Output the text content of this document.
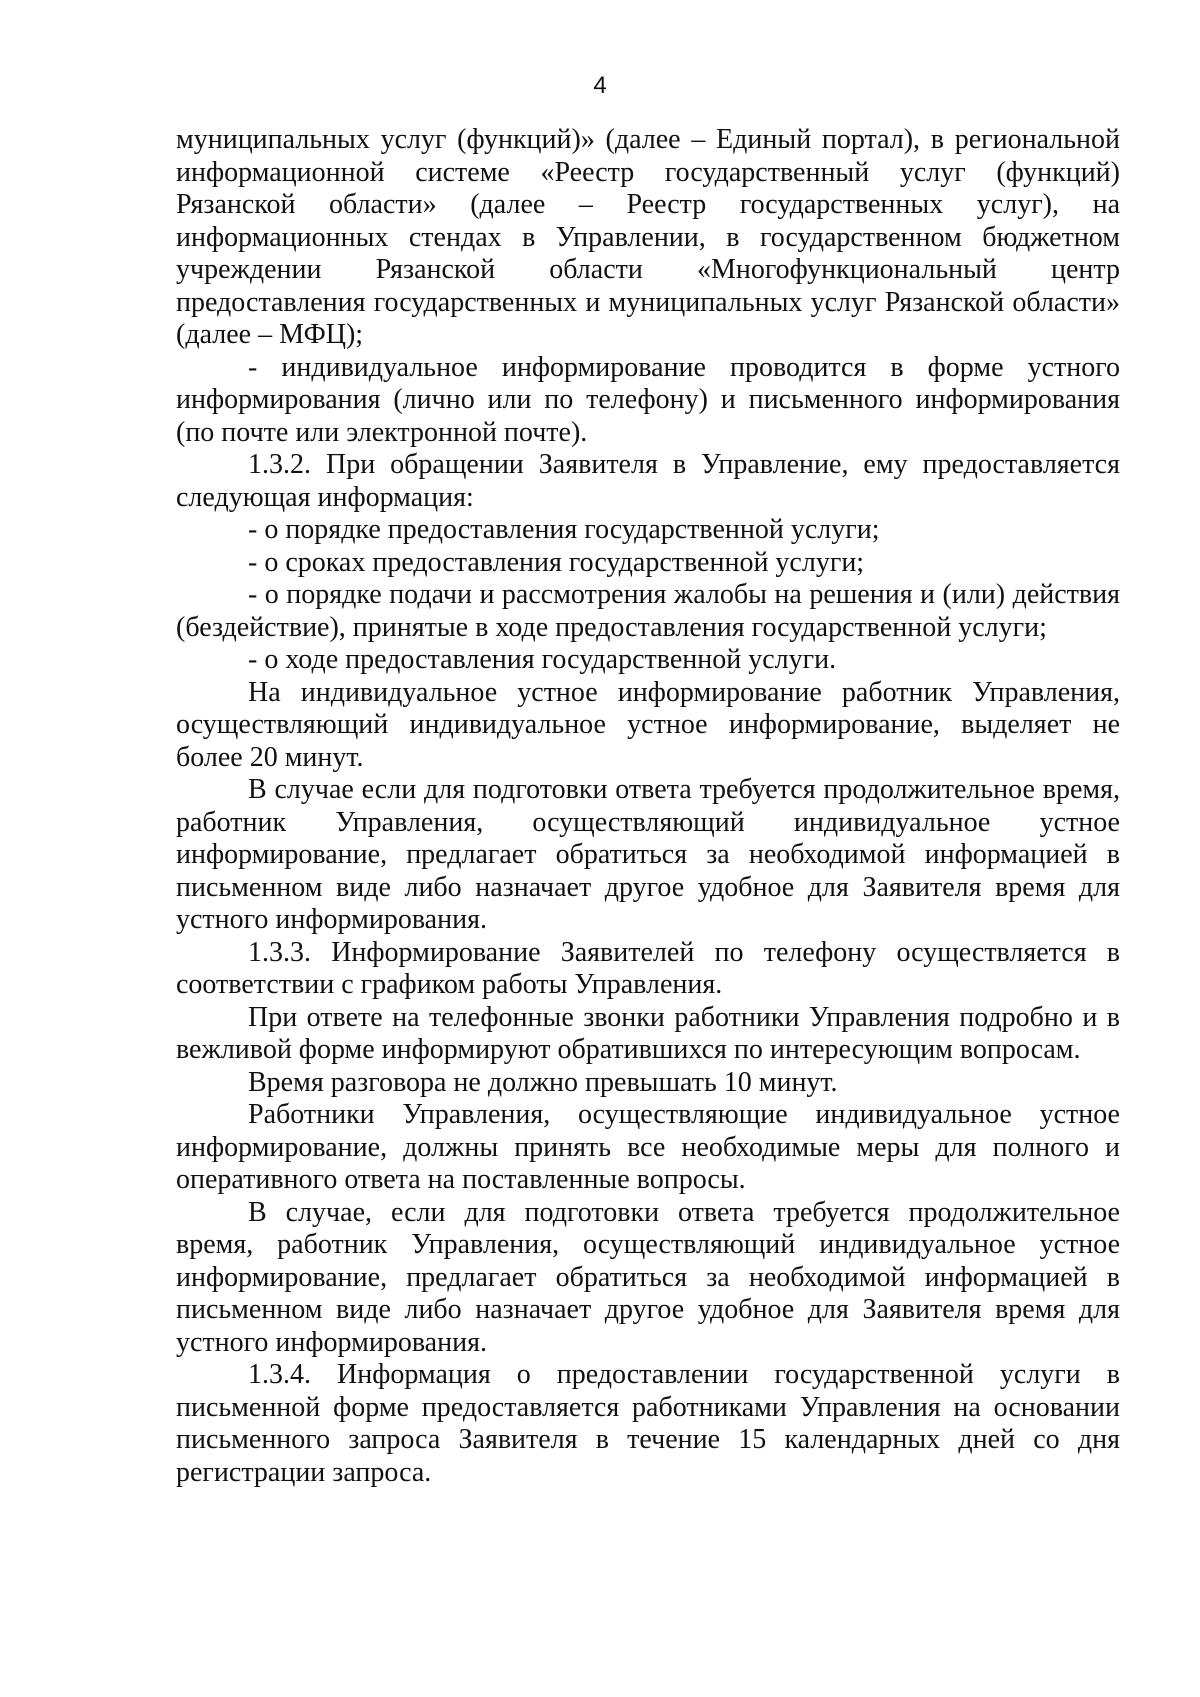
4

муниципальных услуг (функций)» (далее – Единый портал), в региональной информационной системе «Реестр государственный услуг (функций) Рязанской области» (далее – Реестр государственных услуг), на информационных стендах в Управлении, в государственном бюджетном учреждении Рязанской области «Многофункциональный центр предоставления государственных и муниципальных услуг Рязанской области» (далее – МФЦ);

- индивидуальное информирование проводится в форме устного информирования (лично или по телефону) и письменного информирования (по почте или электронной почте).

1.3.2. При обращении Заявителя в Управление, ему предоставляется следующая информация:

- о порядке предоставления государственной услуги;

- о сроках предоставления государственной услуги;

- о порядке подачи и рассмотрения жалобы на решения и (или) действия (бездействие), принятые в ходе предоставления государственной услуги;

- о ходе предоставления государственной услуги.

На индивидуальное устное информирование работник Управления, осуществляющий индивидуальное устное информирование, выделяет не более 20 минут.

В случае если для подготовки ответа требуется продолжительное время, работник Управления, осуществляющий индивидуальное устное информирование, предлагает обратиться за необходимой информацией в письменном виде либо назначает другое удобное для Заявителя время для устного информирования.

1.3.3. Информирование Заявителей по телефону осуществляется в соответствии с графиком работы Управления.

При ответе на телефонные звонки работники Управления подробно и в вежливой форме информируют обратившихся по интересующим вопросам.

Время разговора не должно превышать 10 минут.

Работники Управления, осуществляющие индивидуальное устное информирование, должны принять все необходимые меры для полного и оперативного ответа на поставленные вопросы.

В случае, если для подготовки ответа требуется продолжительное время, работник Управления, осуществляющий индивидуальное устное информирование, предлагает обратиться за необходимой информацией в письменном виде либо назначает другое удобное для Заявителя время для устного информирования.

1.3.4. Информация о предоставлении государственной услуги в письменной форме предоставляется работниками Управления на основании письменного запроса Заявителя в течение 15 календарных дней со дня регистрации запроса.
